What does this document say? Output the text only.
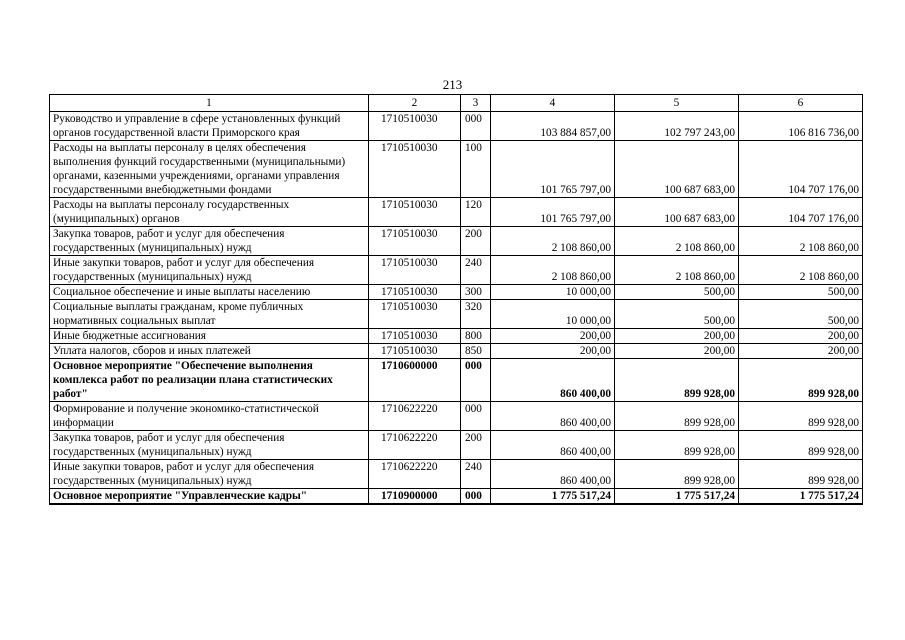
213
1	2	3	4	5	6
Руководство и управление в сфере установленных функций органов государственной власти Приморского края	1710510030	000	103 884 857,00	102 797 243,00	106 816 736,00
Расходы на выплаты персоналу в целях обеспечения выполнения функций государственными (муниципальными) органами, казенными учреждениями, органами управления государственными внебюджетными фондами	1710510030	100	101 765 797,00	100 687 683,00	104 707 176,00
Расходы на выплаты персоналу государственных (муниципальных) органов	1710510030	120	101 765 797,00	100 687 683,00	104 707 176,00
Закупка товаров, работ и услуг для обеспечения государственных (муниципальных) нужд	1710510030	200	2 108 860,00	2 108 860,00	2 108 860,00
Иные закупки товаров, работ и услуг для обеспечения государственных (муниципальных) нужд	1710510030	240	2 108 860,00	2 108 860,00	2 108 860,00
Социальное обеспечение и иные выплаты населению	1710510030	300	10 000,00	500,00	500,00
Социальные выплаты гражданам, кроме публичных нормативных социальных выплат	1710510030	320	10 000,00	500,00	500,00
Иные бюджетные ассигнования	1710510030	800	200,00	200,00	200,00
Уплата налогов, сборов и иных платежей	1710510030	850	200,00	200,00	200,00
Основное мероприятие "Обеспечение выполнения комплекса работ по реализации плана статистических работ"	1710600000	000	860 400,00	899 928,00	899 928,00
Формирование и получение экономико-статистической информации	1710622220	000	860 400,00	899 928,00	899 928,00
Закупка товаров, работ и услуг для обеспечения государственных (муниципальных) нужд	1710622220	200	860 400,00	899 928,00	899 928,00
Иные закупки товаров, работ и услуг для обеспечения государственных (муниципальных) нужд	1710622220	240	860 400,00	899 928,00	899 928,00
Основное мероприятие "Управленческие кадры"	1710900000	000	1 775 517,24	1 775 517,24	1 775 517,24
